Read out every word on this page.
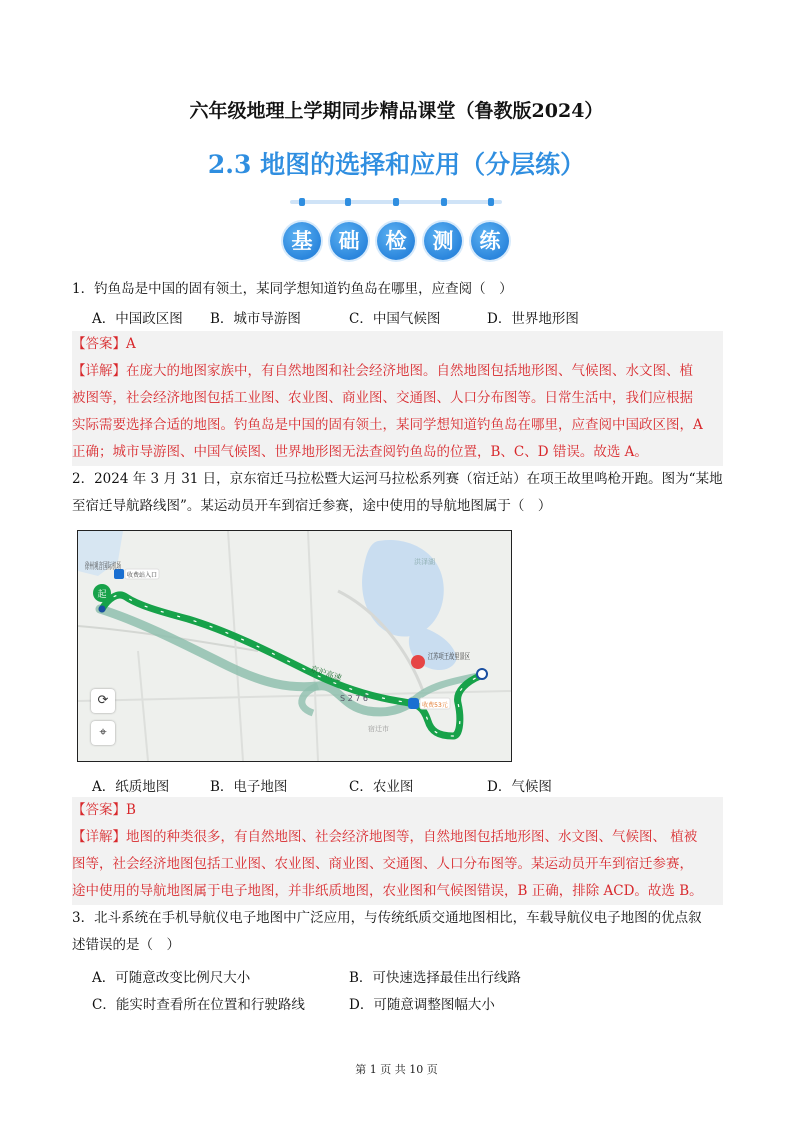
六年级地理上学期同步精品课堂（鲁教版2024）
2.3 地图的选择和应用（分层练）
基	础	检	测	练
1．钓鱼岛是中国的固有领土，某同学想知道钓鱼岛在哪里，应查阅（　）
A．中国政区图 B．城市导游图	C．中国气候图	D．世界地形图
【答案】A
【详解】在庞大的地图家族中，有自然地图和社会经济地图。自然地图包括地形图、气候图、水文图、植
被图等，社会经济地图包括工业图、农业图、商业图、交通图、人口分布图等。日常生活中，我们应根据
实际需要选择合适的地图。钓鱼岛是中国的固有领土，某同学想知道钓鱼岛在哪里，应查阅中国政区图，A
正确；城市导游图、中国气候图、世界地形图无法查阅钓鱼岛的位置，B、C、D 错误。故选 A。
2．2024 年 3 月 31 日，京东宿迁马拉松暨大运河马拉松系列赛（宿迁站）在项王故里鸣枪开跑。图为“某地
至宿迁导航路线图”。某运动员开车到宿迁参赛，途中使用的导航地图属于（　）
起
收费53元
收费站入口
京沪高速
S 2 7 6
江苏项王故里景区
洪泽湖
宿迁市
⟳
⌖
A．纸质地图	B．电子地图	C．农业图	D．气候图
【答案】B
【详解】地图的种类很多，有自然地图、社会经济地图等，自然地图包括地形图、水文图、气候图、 植被
图等，社会经济地图包括工业图、农业图、商业图、交通图、人口分布图等。某运动员开车到宿迁参赛，
途中使用的导航地图属于电子地图，并非纸质地图，农业图和气候图错误，B 正确，排除 ACD。故选 B。
3．北斗系统在手机导航仪电子地图中广泛应用，与传统纸质交通地图相比，车载导航仪电子地图的优点叙
述错误的是（　）
A．可随意改变比例尺大小	B．可快速选择最佳出行线路
C．能实时查看所在位置和行驶路线	D．可随意调整图幅大小
第 1 页 共 10 页
